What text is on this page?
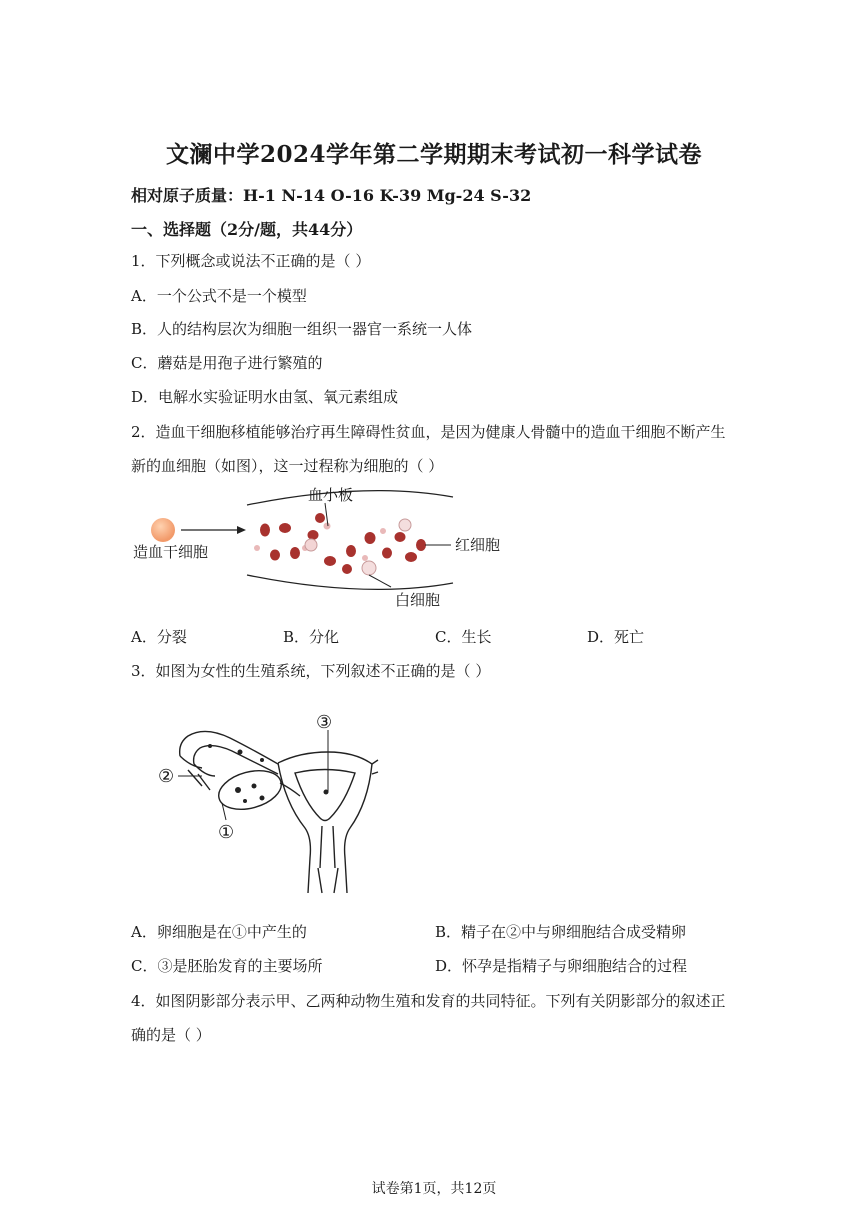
文澜中学2024学年第二学期期末考试初一科学试卷
相对原子质量：H-1 N-14 O-16 K-39 Mg-24 S-32
一、选择题（2分/题，共44分）
1．下列概念或说法不正确的是（ ）
A．一个公式不是一个模型
B．人的结构层次为细胞一组织一器官一系统一人体
C．蘑菇是用孢子进行繁殖的
D．电解水实验证明水由氢、氧元素组成
2．造血干细胞移植能够治疗再生障碍性贫血，是因为健康人骨髓中的造血干细胞不断产生
新的血细胞（如图），这一过程称为细胞的（ ）
造血干细胞
血小板
红细胞
白细胞
A．分裂	B．分化	C．生长	D．死亡
3．如图为女性的生殖系统，下列叙述不正确的是（ ）
③
②
①
A．卵细胞是在①中产生的	B．精子在②中与卵细胞结合成受精卵
C．③是胚胎发育的主要场所	D．怀孕是指精子与卵细胞结合的过程
4．如图阴影部分表示甲、乙两种动物生殖和发育的共同特征。下列有关阴影部分的叙述正
确的是（ ）
试卷第1页，共12页
